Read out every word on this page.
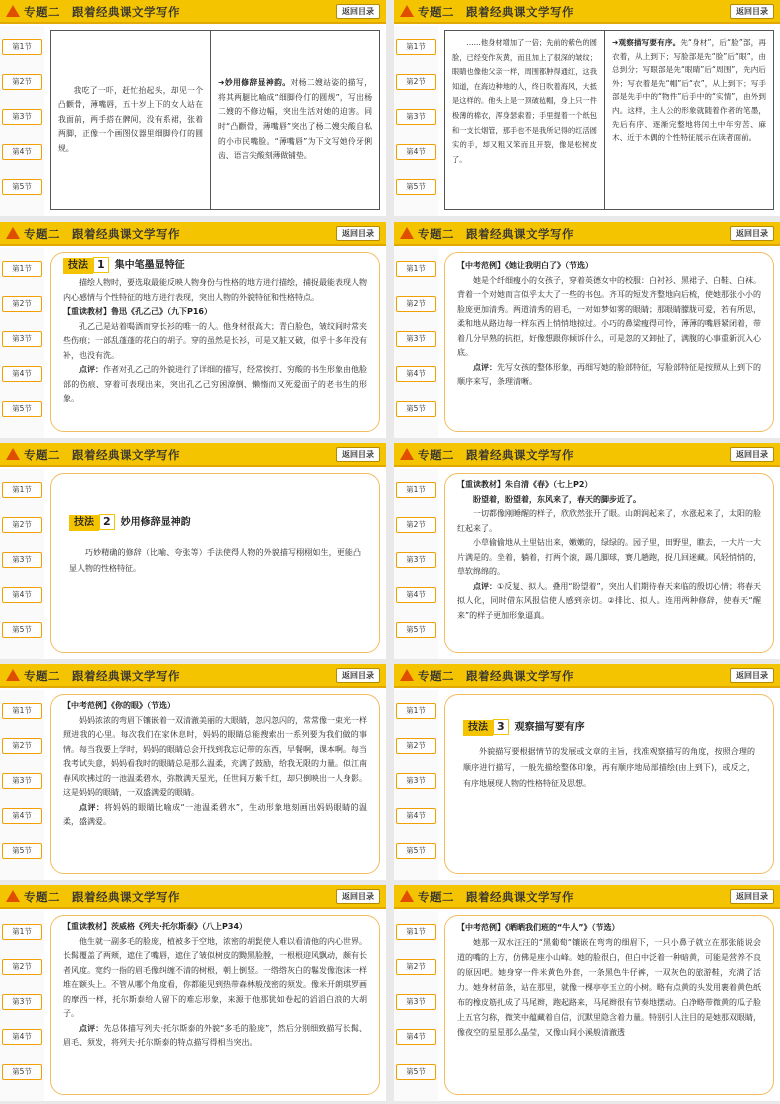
专题二　跟着经典课文学写作	返回目录
第1节
第2节
第3节
第4节
第5节

我吃了一吓，赶忙抬起头，却见一个凸颧骨，薄嘴唇，五十岁上下的女人站在我面前，两手搭在髀间，没有系裙，张着两脚，正像一个画图仪器里细脚伶仃的圆规。

➜妙用修辞显神韵。对杨二嫂站姿的描写，将其两腿比喻成“细脚伶仃的圆规”，写出杨二嫂的不修边幅，突出生活对她的迫害。同时“凸颧骨，薄嘴唇”突出了杨二嫂尖酸自私的小市民嘴脸。“薄嘴唇”为下文写她伶牙俐齿、语言尖酸刻薄做铺垫。

专题二　跟着经典课文学写作	返回目录
第1节
第2节
第3节
第4节
第5节

……他身材增加了一倍；先前的紫色的圆脸，已经变作灰黄，而且加上了很深的皱纹；眼睛也像他父亲一样，周围都肿得通红，这我知道，在海边种地的人，终日吹着海风，大抵是这样的。他头上是一顶破毡帽，身上只一件极薄的棉衣，浑身瑟索着；手里提着一个纸包和一支长烟管，那手也不是我所记得的红活圆实的手，却又粗又笨而且开裂，像是松树皮了。

➜观察描写要有序。先“身材”，后“脸”部，再衣着，从上到下；写脸部是先“脸”后“眼”，由总到分；写眼部是先“眼睛”后“周围”，先内后外；写衣着是先“帽”后“衣”，从上到下；写手部是先手中的“物件”后手中的“实情”，由外到内。这样，主人公的形象就随着作者的笔墨，先后有序、逐渐完整地将闰土中年穷苦、麻木、近于木偶的个性特征展示在读者面前。

专题二　跟着经典课文学写作	返回目录
第1节
第2节
第3节
第4节
第5节
技法 1 集中笔墨显特征

描绘人物时，要选取最能反映人物身份与性格的地方进行描绘，捕捉最能表现人物内心感情与个性特征的地方进行表现，突出人物的外貌特征和性格特点。

【重读教材】鲁迅《孔乙己》（九下P16）

孔乙己是站着喝酒而穿长衫的唯一的人。他身材很高大；青白脸色，皱纹间时常夹些伤痕；一部乱蓬蓬的花白的胡子。穿的虽然是长衫，可是又脏又破，似乎十多年没有补，也没有洗。

点评：作者对孔乙己的外貌进行了详细的描写，经常挨打、穷酸的书生形象由他脸部的伤痕、穿着可表现出来，突出孔乙己穷困潦倒、懒惰而又死爱面子的老书生的形象。

专题二　跟着经典课文学写作	返回目录
第1节
第2节
第3节
第4节
第5节

【中考范例】《她让我明白了》（节选）

她是个纤细瘦小的女孩子，穿着英德女中的校服：白衬衫、黑裙子、白鞋、白袜。背着一个对她而言似乎太大了一些的书包。齐耳的短发齐整地向后梳，使她那张小小的脸庞更加清秀。两道清秀的眉毛，一对如梦如雾的眼睛；那眼睛朦胧可爱，若有所思，柔和地从路边每一样东西上悄悄地掠过。小巧的鼻梁瘦得可怜，薄薄的嘴唇紧闭着，带着几分早熟的抗拒，好像想跟你倾诉什么，可是忽的又卸扯了，满腹的心事重新沉入心底。

点评：先写女孩的整体形象，再细写她的脸部特征，写脸部特征是按照从上到下的顺序来写，条理清晰。

专题二　跟着经典课文学写作	返回目录
第1节
第2节
第3节
第4节
第5节
技法 2 妙用修辞显神韵

巧妙精确的修辞（比喻、夸张等）手法使得人物的外貌描写栩栩如生，更能凸显人物的性格特征。

专题二　跟着经典课文学写作	返回目录
第1节
第2节
第3节
第4节
第5节

【重读教材】朱自清《春》（七上P2）

盼望着，盼望着，东风来了，春天的脚步近了。

一切都像刚睡醒的样子，欣欣然张开了眼。山朗润起来了，水涨起来了，太阳的脸红起来了。

小草偷偷地从土里钻出来，嫩嫩的，绿绿的。园子里，田野里，瞧去，一大片一大片满是的。坐着，躺着，打两个滚，踢几脚球，赛几趟跑，捉几回迷藏。风轻悄悄的，草软绵绵的。

点评：①反复、拟人。叠用“盼望着”，突出人们期待春天来临的殷切心情；将春天拟人化，同时借东风报信使人感到亲切。②排比、拟人。连用两种修辞，使春天“醒来”的样子更加形象逼真。

专题二　跟着经典课文学写作	返回目录
第1节
第2节
第3节
第4节
第5节

【中考范例】《你的眼》（节选）

妈妈浓浓的弯眉下镶嵌着一双清澈美丽的大眼睛，忽闪忽闪的，常常像一束光一样照进我的心里。每次我们在家休息时，妈妈的眼睛总能搜索出一系列要为我们做的事情。每当我要上学时，妈妈的眼睛总会开找到我忘记带的东西，早餐啊，课本啊。每当我考试失意，妈妈看我时的眼睛总是那么温柔，充满了鼓励，给我无限的力量。似江南春风吹拂过的一池温柔碧水，弥散满天星光，任世间万紫千红，却只倒映出一人身影。这是妈妈的眼睛，一双盛满爱的眼睛。

点评：将妈妈的眼睛比喻成“一池温柔碧水”，生动形象地刻画出妈妈眼睛的温柔，盛满爱。

专题二　跟着经典课文学写作	返回目录
第1节
第2节
第3节
第4节
第5节
技法 3 观察描写要有序

外貌描写要根据情节的发展或文章的主旨，找准观察描写的角度，按照合理的顺序进行描写，一般先描绘整体印象，再有顺序地局部描绘(由上到下)，或反之，有序地展现人物的性格特征及思想。

专题二　跟着经典课文学写作	返回目录
第1节
第2节
第3节
第4节
第5节

【重读教材】茨威格《列夫·托尔斯泰》（八上P34）

他生就一副多毛的脸庞，植被多于空地，浓密的胡髭使人难以看清他的内心世界。长髯覆盖了两颊，遮住了嘴唇，遮住了皱似树皮的黝黑脸膛，一根根迎风飘动，颇有长者风度。宽约一指的眉毛像纠缠不清的树根，朝上倒竖。一绺绺灰白的鬈发像泡沫一样堆在额头上。不管从哪个角度看，你都能见到热带森林般茂密的须发。像米开朗琪罗画的摩西一样，托尔斯泰给人留下的难忘形象，来源于他那犹如卷起的滔滔白浪的大胡子。

点评：先总体描写列夫·托尔斯泰的外貌“多毛的脸庞”，然后分别细致描写长髯、眉毛、须发，将列夫·托尔斯泰的特点描写得相当突出。

专题二　跟着经典课文学写作	返回目录
第1节
第2节
第3节
第4节
第5节

【中考范例】《晒晒我们班的“牛人”》（节选）

她那一双水汪汪的“黑葡萄”镶嵌在弯弯的细眉下，一只小鼻子就立在那张能说会道的嘴的上方，仿佛是座小山峰。她的脸很白，但白中泛着一种暗黄，可能是营养不良的原因吧。她身穿一件米黄色外套，一条黑色牛仔裤，一双灰色的旅游鞋，充满了活力。她身材苗条，站在那里，就像一棵亭亭玉立的小树。略有点黄的头发用裹着黄色纸布的橡皮筋扎成了马尾辫，跑起路来，马尾辫很有节奏地摆动。白净略带微黄的瓜子脸上五官匀称，微笑中蕴藏着自信，沉默里隐含着力量。特别引人注目的是她那双眼睛，像夜空的星星那么晶莹，又像山间小溪般清澈透
